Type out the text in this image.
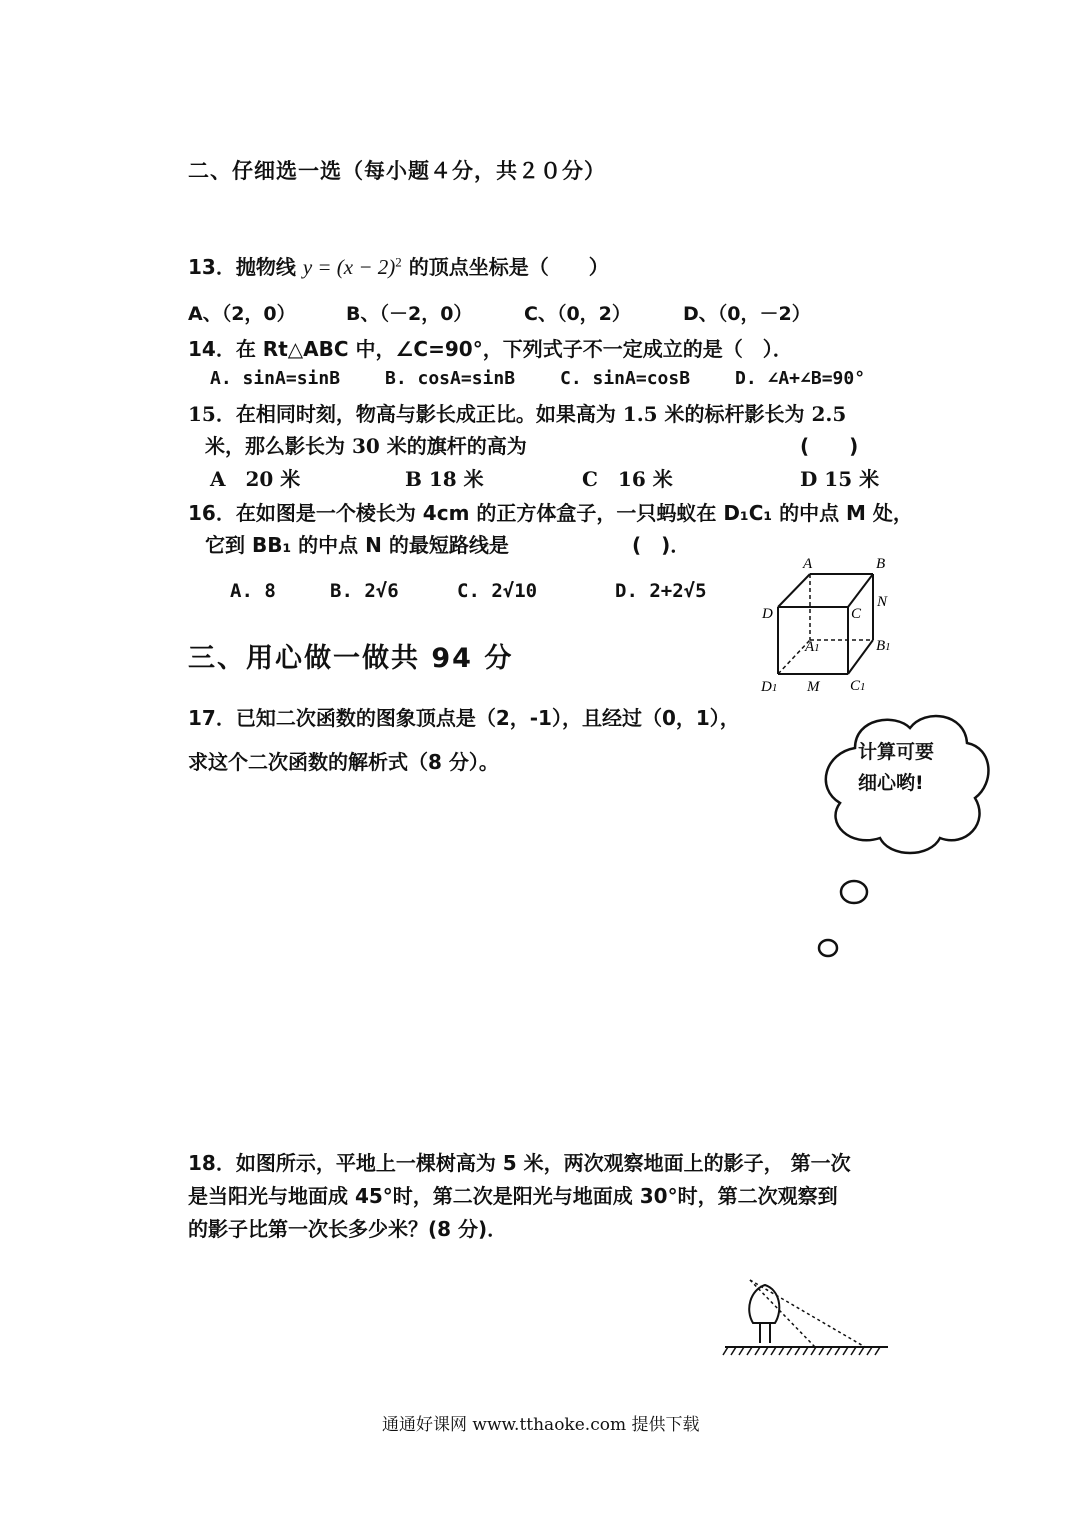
二、仔细选一选（每小题４分，共２０分）
13．抛物线 $y = (x - 2)^2$ 的顶点坐标是（　　）
A、（2，0）	B、（－2，0）	C、（0，2）	D、（0，－2）
14．在 Rt△ABC 中，∠C=90°，下列式子不一定成立的是（　）．
A. sinA=sinB B. cosA=sinB C. sinA=cosB D. ∠A+∠B=90°
15．在相同时刻，物高与影长成正比。如果高为 1.5 米的标杆影长为 2.5
米，那么影长为 30 米的旗杆的高为	(　　)
A　20 米	B 18 米	C　16 米	D 15 米
16．在如图是一个棱长为 4cm 的正方体盒子，一只蚂蚁在 D₁C₁ 的中点 M 处，
它到 BB₁ 的中点 N 的最短路线是	(　)．
A. 8	B. 2√6	C. 2√10	D. 2+2√5
A	B
D	C
N
A1	B1
D1 M C1
三、用心做一做共 94 分
17．已知二次函数的图象顶点是（2，-1），且经过（0，1），
求这个二次函数的解析式（8 分）。	计算可要
细心哟!
18．如图所示，平地上一棵树高为 5 米，两次观察地面上的影子， 第一次
是当阳光与地面成 45°时，第二次是阳光与地面成 30°时，第二次观察到
的影子比第一次长多少米？(8 分)．
通通好课网 www.tthaoke.com 提供下载
